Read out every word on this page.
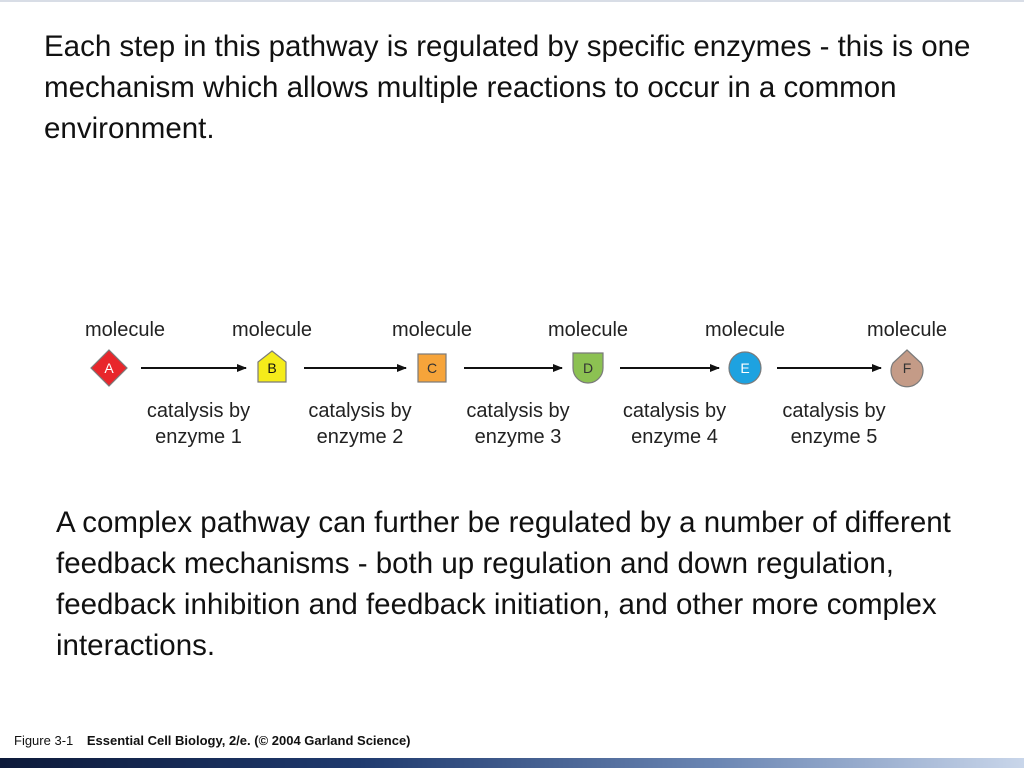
Each step in this pathway is regulated by specific enzymes - this is one mechanism which allows multiple reactions to occur in a common environment.
molecule
A
molecule
B
molecule
C
molecule
D
molecule
E
molecule
F
catalysis by
enzyme 1
catalysis by
enzyme 2
catalysis by
enzyme 3
catalysis by
enzyme 4
catalysis by
enzyme 5
A complex pathway can further be regulated by a number of different feedback mechanisms - both up regulation and down regulation, feedback inhibition and feedback initiation, and other more complex interactions.
Figure 3-1 Essential Cell Biology, 2/e. (© 2004 Garland Science)
